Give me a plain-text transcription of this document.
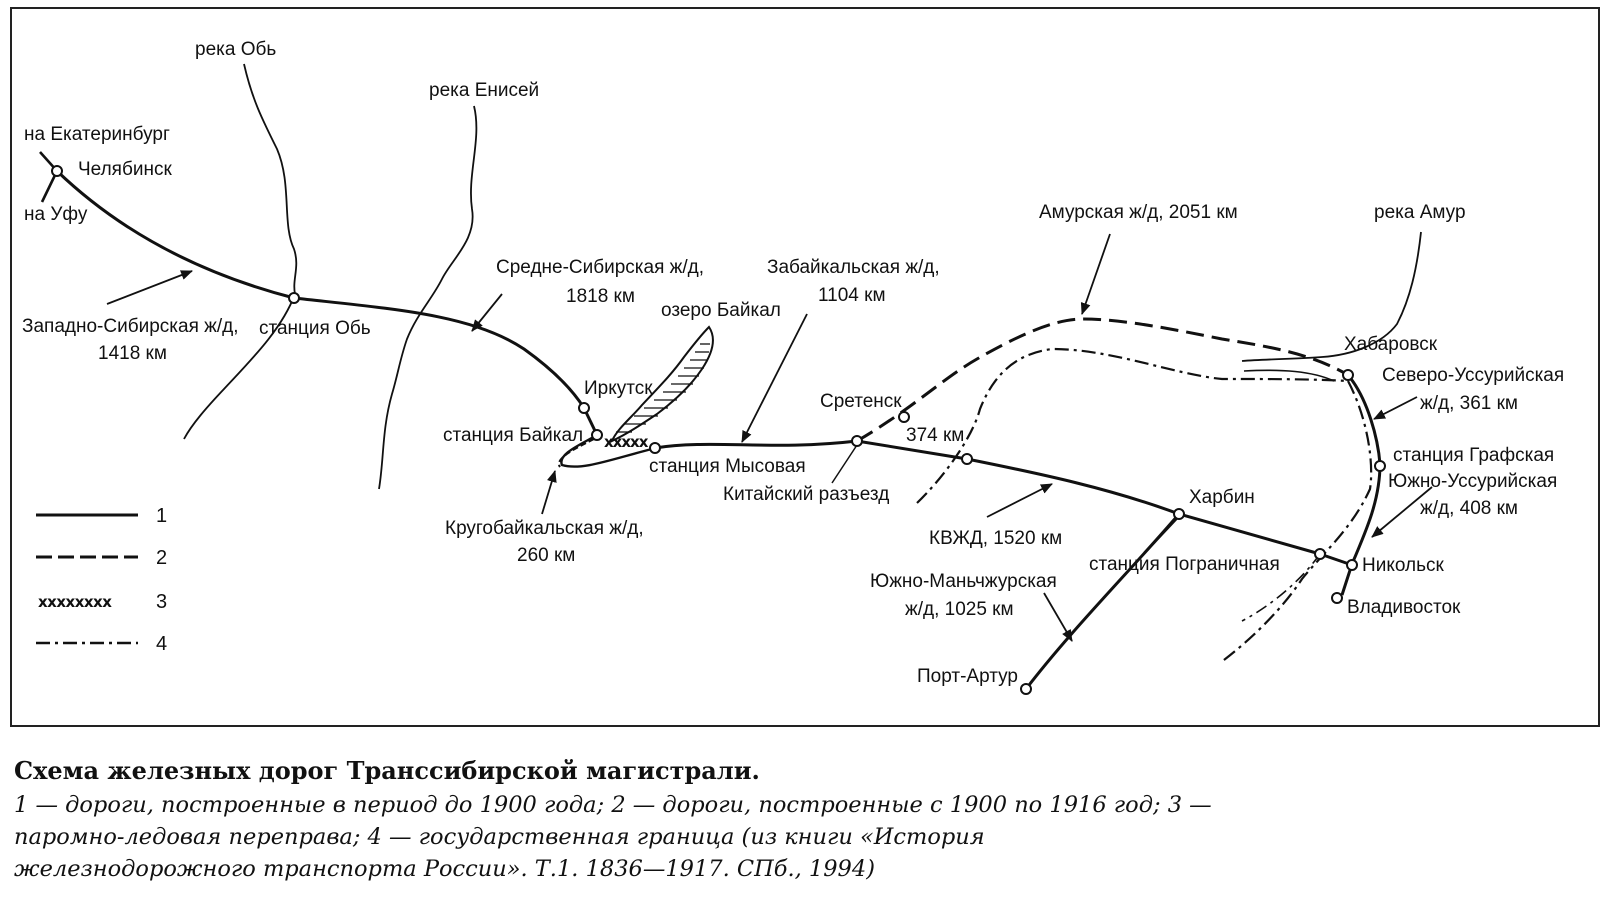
xxxxx
река Обь
река Енисей
на Екатеринбург
Челябинск
на Уфу
Западно-Сибирская ж/д,
1418 км
станция Обь
Средне-Сибирская ж/д,
1818 км
озеро Байкал
Забайкальская ж/д,
1104 км
Амурская ж/д, 2051 км	река Амур
Хабаровск
Северо-Уссурийская
ж/д, 361 км
Иркутск
станция Байкал
Сретенск
374 км
станция Графская
Южно-Уссурийская
ж/д, 408 км
станция Мысовая
Китайский разъезд	Харбин
Кругобайкальская ж/д,
260 км
КВЖД, 1520 км
станция Пограничная	Никольск
Южно-Маньчжурская
ж/д, 1025 км	Владивосток
Порт-Артур
1
2
xxxxxxxx 3
4

Схема железных дорог Транссибирской магистрали.

1 — дороги, построенные в период до 1900 года; 2 — дороги, построенные с 1900 по 1916 год; 3 —
паромно-ледовая переправа; 4 — государственная граница (из книги «История
железнодорожного транспорта России». Т.1. 1836—1917. СПб., 1994)
